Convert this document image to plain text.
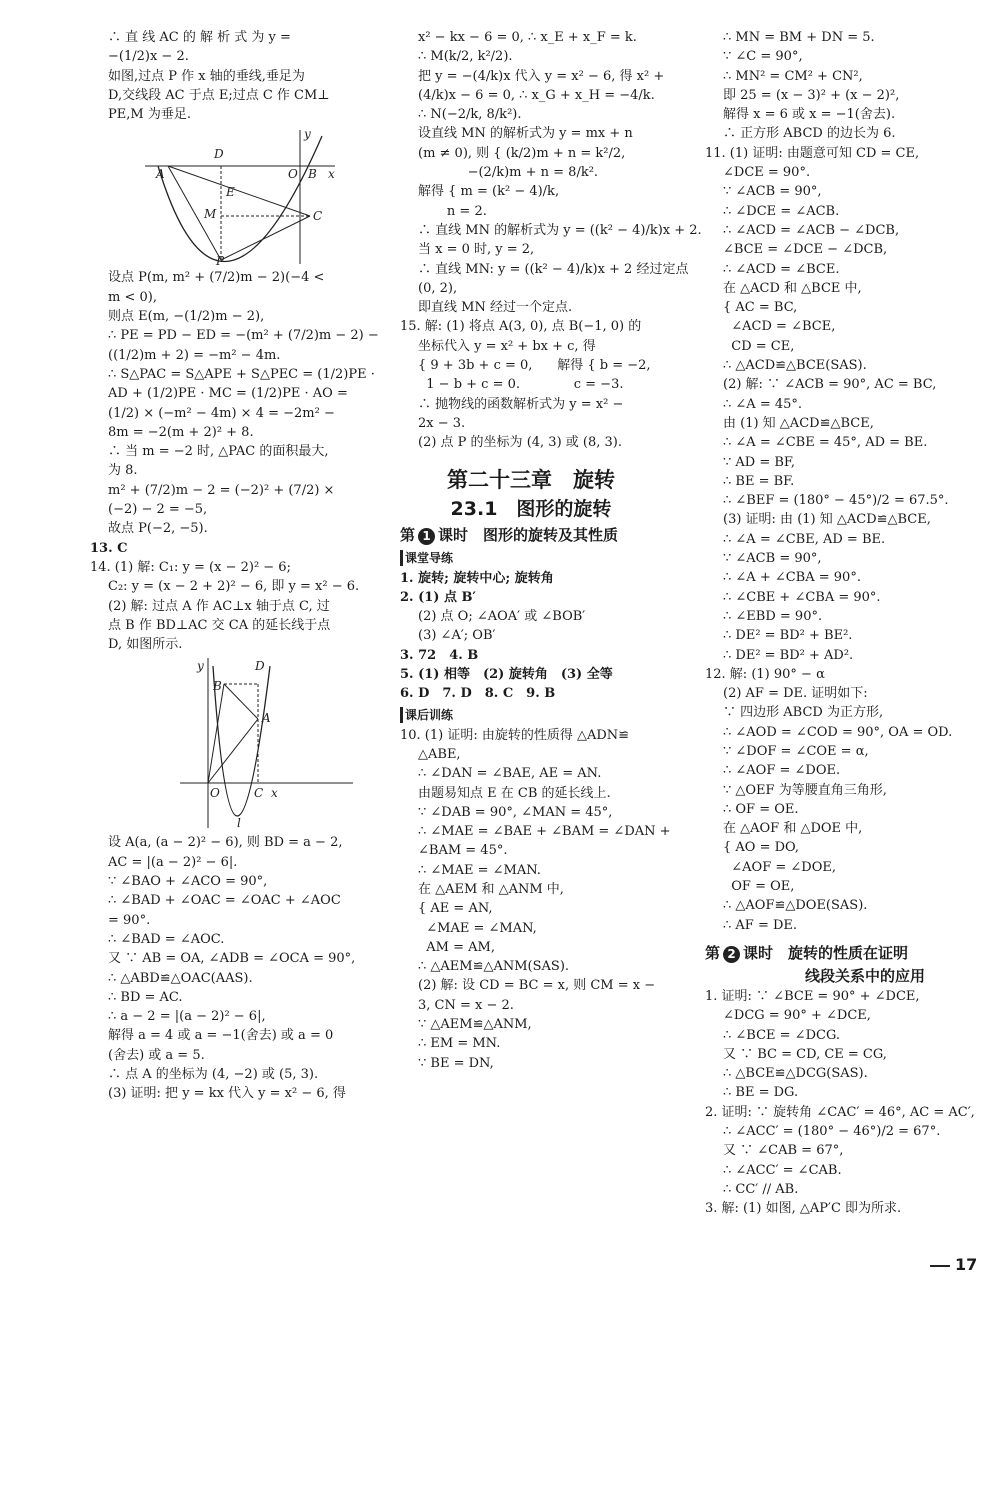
∴ 直 线 AC 的 解 析 式 为 y =
−(1/2)x − 2.
如图,过点 P 作 x 轴的垂线,垂足为
D,交线段 AC 于点 E;过点 C 作 CM⊥
PE,M 为垂足.
D
y
A	O B x
E
M	C
P
设点 P(m, m² + (7/2)m − 2)(−4 <
m < 0),
则点 E(m, −(1/2)m − 2),
∴ PE = PD − ED = −(m² + (7/2)m − 2) −
((1/2)m + 2) = −m² − 4m.
∴ S△PAC = S△APE + S△PEC = (1/2)PE ·
AD + (1/2)PE · MC = (1/2)PE · AO =
(1/2) × (−m² − 4m) × 4 = −2m² −
8m = −2(m + 2)² + 8.
∴ 当 m = −2 时, △PAC 的面积最大,
为 8.
m² + (7/2)m − 2 = (−2)² + (7/2) ×
(−2) − 2 = −5,
故点 P(−2, −5).
13. C
14. (1) 解: C₁: y = (x − 2)² − 6;
C₂: y = (x − 2 + 2)² − 6, 即 y = x² − 6.
(2) 解: 过点 A 作 AC⊥x 轴于点 C, 过
点 B 作 BD⊥AC 交 CA 的延长线于点
D, 如图所示.
y	D
B
A
O	C x
l
设 A(a, (a − 2)² − 6), 则 BD = a − 2,
AC = |(a − 2)² − 6|.
∵ ∠BAO + ∠ACO = 90°,
∴ ∠BAD + ∠OAC = ∠OAC + ∠AOC
= 90°.
∴ ∠BAD = ∠AOC.
又 ∵ AB = OA, ∠ADB = ∠OCA = 90°,
∴ △ABD≌△OAC(AAS).
∴ BD = AC.
∴ a − 2 = |(a − 2)² − 6|,
解得 a = 4 或 a = −1(舍去) 或 a = 0
(舍去) 或 a = 5.
∴ 点 A 的坐标为 (4, −2) 或 (5, 3).
(3) 证明: 把 y = kx 代入 y = x² − 6, 得
x² − kx − 6 = 0, ∴ x_E + x_F = k.
∴ M(k/2, k²/2).
把 y = −(4/k)x 代入 y = x² − 6, 得 x² +
(4/k)x − 6 = 0, ∴ x_G + x_H = −4/k.
∴ N(−2/k, 8/k²).
设直线 MN 的解析式为 y = mx + n
(m ≠ 0), 则 { (k/2)m + n = k²/2,
−(2/k)m + n = 8/k².
解得 { m = (k² − 4)/k,
n = 2.
∴ 直线 MN 的解析式为 y = ((k² − 4)/k)x + 2.
当 x = 0 时, y = 2,
∴ 直线 MN: y = ((k² − 4)/k)x + 2 经过定点
(0, 2),
即直线 MN 经过一个定点.
15. 解: (1) 将点 A(3, 0), 点 B(−1, 0) 的
坐标代入 y = x² + bx + c, 得
{ 9 + 3b + c = 0,      解得 { b = −2,
1 − b + c = 0.             c = −3.
∴ 抛物线的函数解析式为 y = x² −
2x − 3.
(2) 点 P 的坐标为 (4, 3) 或 (8, 3).
第二十三章　旋转
23.1　图形的旋转
第 1 课时　图形的旋转及其性质
课堂导练
1. 旋转; 旋转中心; 旋转角
2. (1) 点 B′
(2) 点 O; ∠AOA′ 或 ∠BOB′
(3) ∠A′; OB′
3. 72　4. B
5. (1) 相等　(2) 旋转角　(3) 全等
6. D　7. D　8. C　9. B
课后训练
10. (1) 证明: 由旋转的性质得 △ADN≌
△ABE,
∴ ∠DAN = ∠BAE, AE = AN.
由题易知点 E 在 CB 的延长线上.
∵ ∠DAB = 90°, ∠MAN = 45°,
∴ ∠MAE = ∠BAE + ∠BAM = ∠DAN +
∠BAM = 45°.
∴ ∠MAE = ∠MAN.
在 △AEM 和 △ANM 中,
{ AE = AN,
∠MAE = ∠MAN,
AM = AM,
∴ △AEM≌△ANM(SAS).
(2) 解: 设 CD = BC = x, 则 CM = x −
3, CN = x − 2.
∵ △AEM≌△ANM,
∴ EM = MN.
∵ BE = DN,
∴ MN = BM + DN = 5.
∵ ∠C = 90°,
∴ MN² = CM² + CN²,
即 25 = (x − 3)² + (x − 2)²,
解得 x = 6 或 x = −1(舍去).
∴ 正方形 ABCD 的边长为 6.
11. (1) 证明: 由题意可知 CD = CE,
∠DCE = 90°.
∵ ∠ACB = 90°,
∴ ∠DCE = ∠ACB.
∴ ∠ACD = ∠ACB − ∠DCB,
∠BCE = ∠DCE − ∠DCB,
∴ ∠ACD = ∠BCE.
在 △ACD 和 △BCE 中,
{ AC = BC,
∠ACD = ∠BCE,
CD = CE,
∴ △ACD≌△BCE(SAS).
(2) 解: ∵ ∠ACB = 90°, AC = BC,
∴ ∠A = 45°.
由 (1) 知 △ACD≌△BCE,
∴ ∠A = ∠CBE = 45°, AD = BE.
∵ AD = BF,
∴ BE = BF.
∴ ∠BEF = (180° − 45°)/2 = 67.5°.
(3) 证明: 由 (1) 知 △ACD≌△BCE,
∴ ∠A = ∠CBE, AD = BE.
∵ ∠ACB = 90°,
∴ ∠A + ∠CBA = 90°.
∴ ∠CBE + ∠CBA = 90°.
∴ ∠EBD = 90°.
∴ DE² = BD² + BE².
∴ DE² = BD² + AD².
12. 解: (1) 90° − α
(2) AF = DE. 证明如下:
∵ 四边形 ABCD 为正方形,
∴ ∠AOD = ∠COD = 90°, OA = OD.
∵ ∠DOF = ∠COE = α,
∴ ∠AOF = ∠DOE.
∵ △OEF 为等腰直角三角形,
∴ OF = OE.
在 △AOF 和 △DOE 中,
{ AO = DO,
∠AOF = ∠DOE,
OF = OE,
∴ △AOF≌△DOE(SAS).
∴ AF = DE.
第 2 课时　旋转的性质在证明
线段关系中的应用
1. 证明: ∵ ∠BCE = 90° + ∠DCE,
∠DCG = 90° + ∠DCE,
∴ ∠BCE = ∠DCG.
又 ∵ BC = CD, CE = CG,
∴ △BCE≌△DCG(SAS).
∴ BE = DG.
2. 证明: ∵ 旋转角 ∠CAC′ = 46°, AC = AC′,
∴ ∠ACC′ = (180° − 46°)/2 = 67°.
又 ∵ ∠CAB = 67°,
∴ ∠ACC′ = ∠CAB.
∴ CC′ // AB.
3. 解: (1) 如图, △AP′C 即为所求.
17
